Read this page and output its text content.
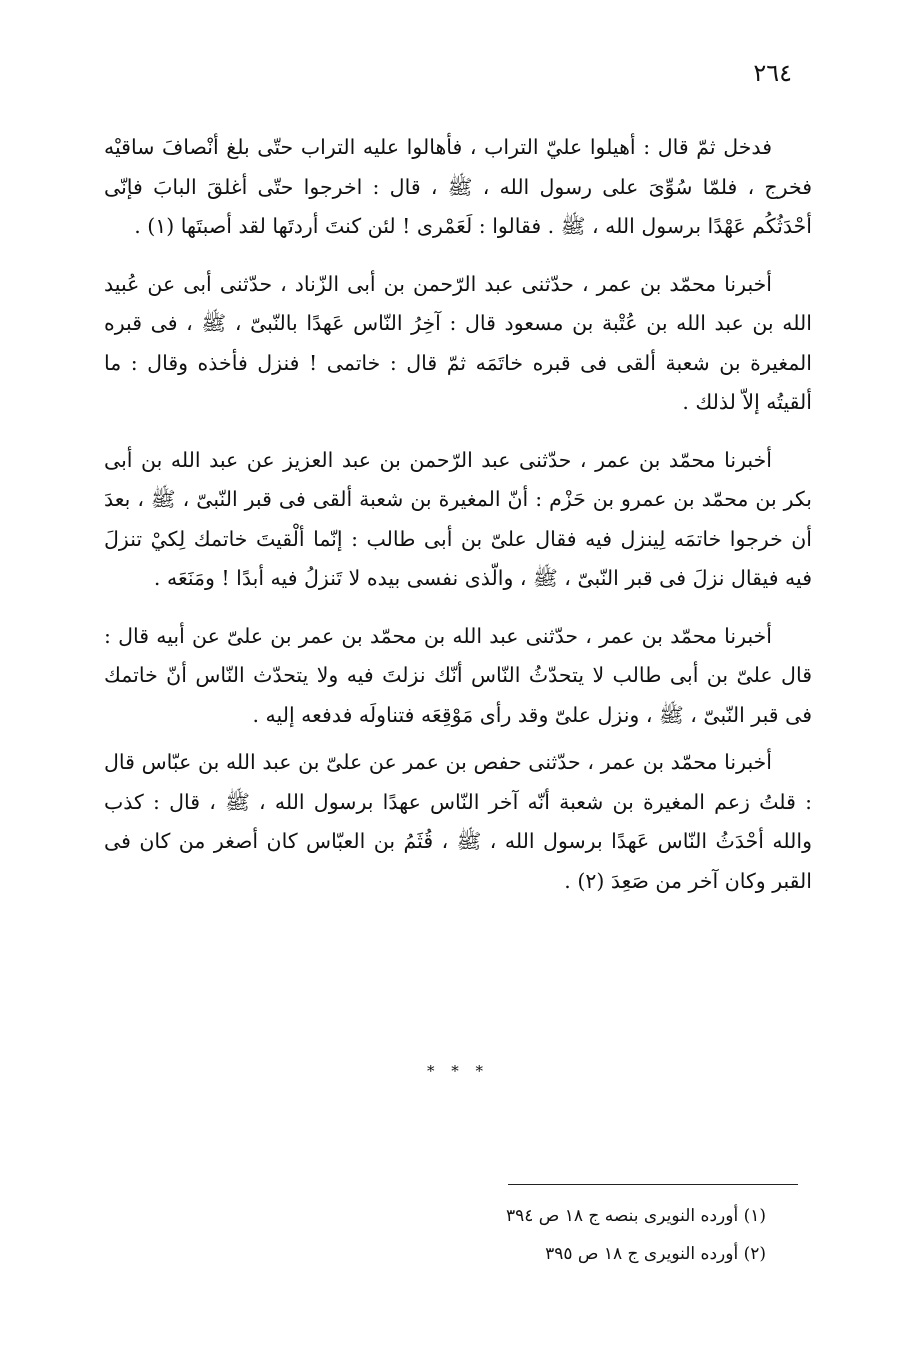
٢٦٤

فدخل ثمّ قال : أهيلوا عليّ التراب ، فأهالوا عليه التراب حتّى بلغ أنْصافَ ساقيْه فخرج ، فلمّا سُوِّىَ على رسول الله ، ﷺ ، قال : اخرجوا حتّى أغلقَ البابَ فإنّى أحْدَثُكُم عَهْدًا برسول الله ، ﷺ . فقالوا : لَعَمْرى ! لئن كنتَ أردتَها لقد أصبتَها (١) .

أخبرنا محمّد بن عمر ، حدّثنى عبد الرّحمن بن أبى الزّناد ، حدّثنى أبى عن عُبيد الله بن عبد الله بن عُتْبة بن مسعود قال : آخِرُ النّاس عَهدًا بالنّبىّ ، ﷺ ، فى قبره المغيرة بن شعبة ألقى فى قبره خاتَمَه ثمّ قال : خاتمى ! فنزل فأخذه وقال : ما ألقيتُه إلاّ لذلك .

أخبرنا محمّد بن عمر ، حدّثنى عبد الرّحمن بن عبد العزيز عن عبد الله بن أبى بكر بن محمّد بن عمرو بن حَزْم : أنّ المغيرة بن شعبة ألقى فى قبر النّبىّ ، ﷺ ، بعدَ أن خرجوا خاتمَه لِينزل فيه فقال علىّ بن أبى طالب : إنّما ألْقيتَ خاتمك لِكيْ تنزلَ فيه فيقال نزلَ فى قبر النّبىّ ، ﷺ ، والّذى نفسى بيده لا تَنزلُ فيه أبدًا ! ومَنَعَه .

أخبرنا محمّد بن عمر ، حدّثنى عبد الله بن محمّد بن عمر بن علىّ عن أبيه قال : قال علىّ بن أبى طالب لا يتحدّثُ النّاس أنّك نزلتَ فيه ولا يتحدّث النّاس أنّ خاتمك فى قبر النّبىّ ، ﷺ ، ونزل علىّ وقد رأى مَوْقِعَه فتناولَه فدفعه إليه .

أخبرنا محمّد بن عمر ، حدّثنى حفص بن عمر عن علىّ بن عبد الله بن عبّاس قال : قلتُ زعم المغيرة بن شعبة أنّه آخر النّاس عهدًا برسول الله ، ﷺ ، قال : كذب والله أحْدَثُ النّاس عَهدًا برسول الله ، ﷺ ، قُثَمُ بن العبّاس كان أصغر من كان فى القبر وكان آخر من صَعِدَ (٢) .

* * *

(١) أورده النويرى بنصه ج ١٨ ص ٣٩٤

(٢) أورده النويرى ج ١٨ ص ٣٩٥
